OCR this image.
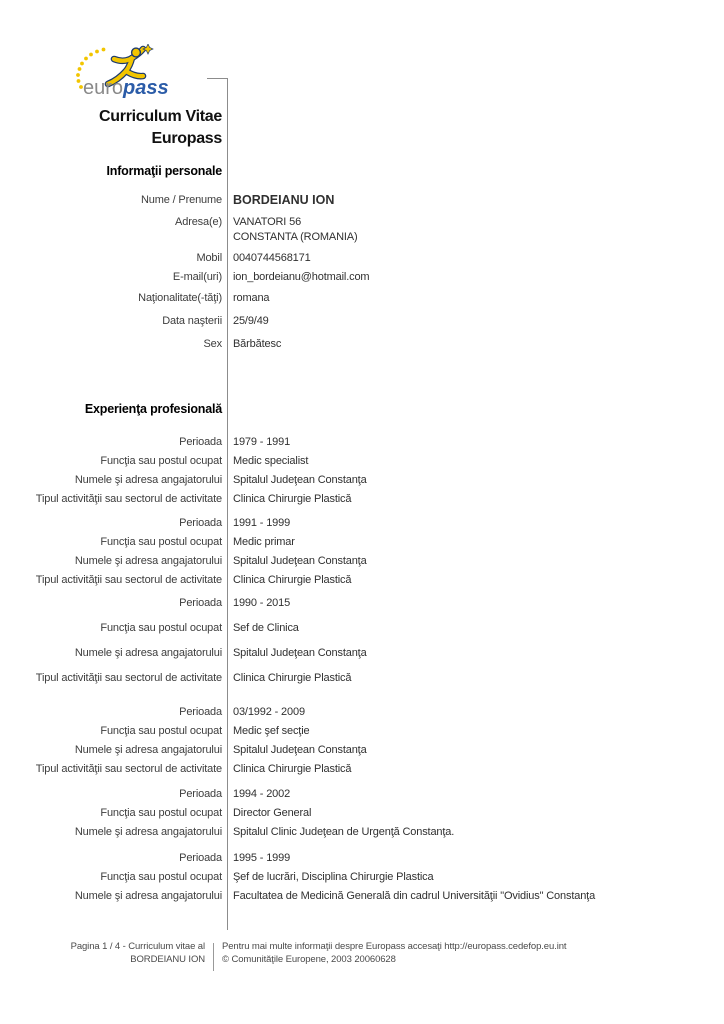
europass
Curriculum Vitae
Europass
Informaţii personale
Nume / Prenume BORDEIANU ION
Adresa(e) VANATORI 56
CONSTANTA (ROMANIA)
Mobil	0040744568171
E-mail(uri)	ion_bordeianu@hotmail.com
Naţionalitate(-tăţi)	romana
Data naşterii	25/9/49
Sex	Bărbătesc
Experienţa profesională
Perioada	1979 - 1991
Funcţia sau postul ocupat	Medic specialist
Numele şi adresa angajatorului	Spitalul Judeţean Constanţa
Tipul activităţii sau sectorul de activitate	Clinica Chirurgie Plastică
Perioada	1991 - 1999
Funcţia sau postul ocupat	Medic primar
Numele şi adresa angajatorului	Spitalul Judeţean Constanţa
Tipul activităţii sau sectorul de activitate	Clinica Chirurgie Plastică
Perioada	1990 - 2015
Funcţia sau postul ocupat	Sef de Clinica
Numele şi adresa angajatorului	Spitalul Judeţean Constanţa
Tipul activităţii sau sectorul de activitate	Clinica Chirurgie Plastică
Perioada	03/1992 - 2009
Funcţia sau postul ocupat	Medic şef secţie
Numele şi adresa angajatorului	Spitalul Judeţean Constanţa
Tipul activităţii sau sectorul de activitate	Clinica Chirurgie Plastică
Perioada	1994 - 2002
Funcţia sau postul ocupat	Director General
Numele şi adresa angajatorului	Spitalul Clinic Judeţean de Urgenţă Constanţa.
Perioada	1995 - 1999
Funcţia sau postul ocupat	Şef de lucrări, Disciplina Chirurgie Plastica
Numele şi adresa angajatorului	Facultatea de Medicină Generală din cadrul Universităţii "Ovidius" Constanţa
Pagina 1 / 4 - Curriculum vitae al
BORDEIANU ION
Pentru mai multe informaţii despre Europass accesaţi http://europass.cedefop.eu.int
© Comunităţile Europene, 2003 20060628
